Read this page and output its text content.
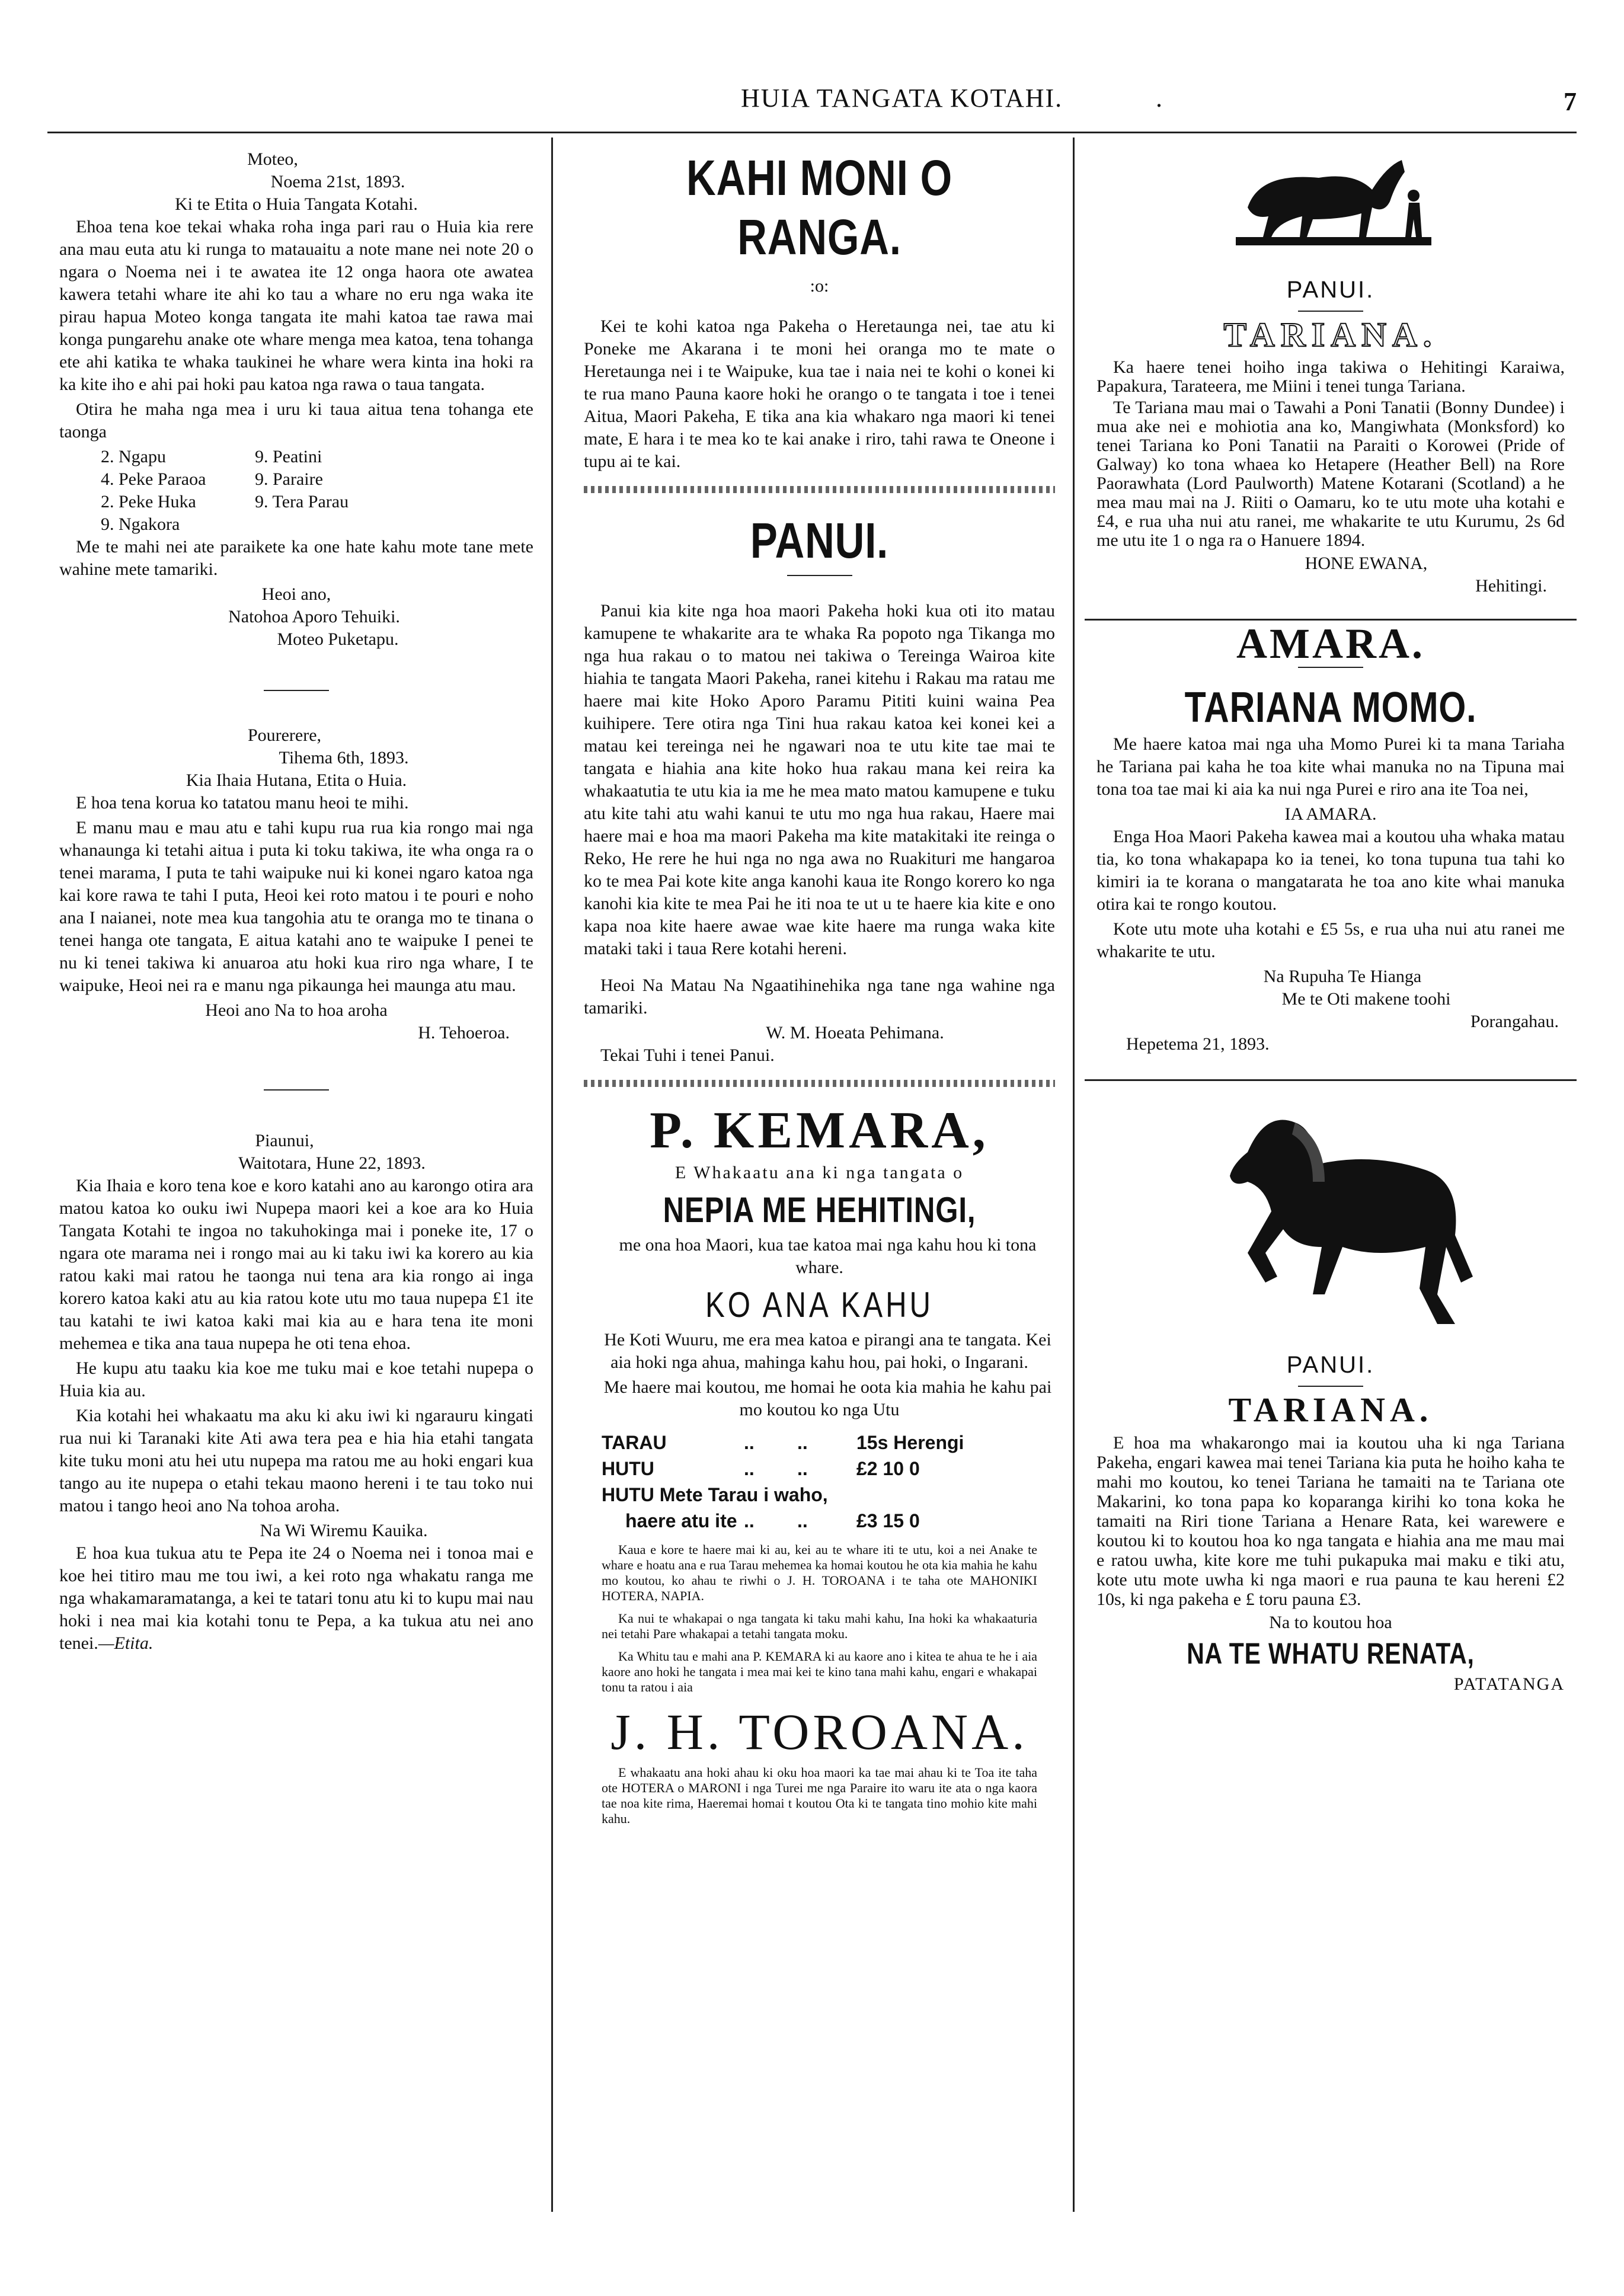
HUIA TANGATA KOTAHI.	.	7
Moteo,
Noema 21st, 1893.
Ki te Etita o Huia Tangata Kotahi.

Ehoa tena koe tekai whaka roha inga pari rau o Huia kia rere ana mau euta atu ki runga to matauaitu a note mane nei note 20 o ngara o Noema nei i te awatea ite 12 onga haora ote awatea kawera tetahi whare ite ahi ko tau a whare no eru nga waka ite pirau hapua Moteo konga tangata ite mahi katoa tae rawa mai konga pungarehu anake ote whare menga mea katoa, tena tohanga ete ahi katika te whaka taukinei he whare wera kinta ina hoki ra ka kite iho e ahi pai hoki pau katoa nga rawa o taua tangata.

Otira he maha nga mea i uru ki taua aitua tena tohanga ete taonga

2. Ngapu	9. Peatini
4. Peke Paraoa	9. Paraire
2. Peke Huka	9. Tera Parau
9. Ngakora

Me te mahi nei ate paraikete ka one hate kahu mote tane mete wahine mete tamariki.

Heoi ano,
Natohoa Aporo Tehuiki.
Moteo Puketapu.
Pourerere,
Tihema 6th, 1893.
Kia Ihaia Hutana, Etita o Huia.

E hoa tena korua ko tatatou manu heoi te mihi.

E manu mau e mau atu e tahi kupu rua rua kia rongo mai nga whanaunga ki tetahi aitua i puta ki toku takiwa, ite wha onga ra o tenei marama, I puta te tahi waipuke nui ki konei ngaro katoa nga kai kore rawa te tahi I puta, Heoi kei roto matou i te pouri e noho ana I naianei, note mea kua tangohia atu te oranga mo te tinana o tenei hanga ote tangata, E aitua katahi ano te waipuke I penei te nu ki tenei takiwa ki anuaroa atu hoki kua riro nga whare, I te waipuke, Heoi nei ra e manu nga pikaunga hei maunga atu mau.

Heoi ano Na to hoa aroha
H. Tehoeroa.
Piaunui,
Waitotara, Hune 22, 1893.

Kia Ihaia e koro tena koe e koro katahi ano au karongo otira ara matou katoa ko ouku iwi Nupepa maori kei a koe ara ko Huia Tangata Kotahi te ingoa no takuhokinga mai i poneke ite, 17 o ngara ote marama nei i rongo mai au ki taku iwi ka korero au kia ratou kaki mai ratou he taonga nui tena ara kia rongo ai inga korero katoa kaki atu au kia ratou kote utu mo taua nupepa £1 ite tau katahi te iwi katoa kaki mai kia au e hara tena ite moni mehemea e tika ana taua nupepa he oti tena ehoa.

He kupu atu taaku kia koe me tuku mai e koe tetahi nupepa o Huia kia au.

Kia kotahi hei whakaatu ma aku ki aku iwi ki ngarauru kingati rua nui ki Taranaki kite Ati awa tera pea e hia hia etahi tangata kite tuku moni atu hei utu nupepa ma ratou me au hoki engari kua tango au ite nupepa o etahi tekau maono hereni i te tau toko nui matou i tango heoi ano Na tohoa aroha.

Na Wi Wiremu Kauika.

E hoa kua tukua atu te Pepa ite 24 o Noema nei i tonoa mai e koe hei titiro mau me tou iwi, a kei roto nga whakatu ranga me nga whakamaramatanga, a kei te tatari tonu atu ki to kupu mai nau hoki i nea mai kia kotahi tonu te Pepa, a ka tukua atu nei ano tenei.—Etita.

KAHI MONI O RANGA.
:o:

Kei te kohi katoa nga Pakeha o Heretaunga nei, tae atu ki Poneke me Akarana i te moni hei oranga mo te mate o Heretaunga nei i te Waipuke, kua tae i naia nei te kohi o konei ki te rua mano Pauna kaore hoki he orango o te tangata i toe i tenei Aitua, Maori Pakeha, E tika ana kia whakaro nga maori ki tenei mate, E hara i te mea ko te kai anake i riro, tahi rawa te Oneone i tupu ai te kai.

PANUI.

Panui kia kite nga hoa maori Pakeha hoki kua oti ito matau kamupene te whakarite ara te whaka Ra popoto nga Tikanga mo nga hua rakau o to matou nei takiwa o Tereinga Wairoa kite hiahia te tangata Maori Pakeha, ranei kitehu i Rakau ma ratau me haere mai kite Hoko Aporo Paramu Pititi kuini waina Pea kuihipere. Tere otira nga Tini hua rakau katoa kei konei kei a matau kei tereinga nei he ngawari noa te utu kite tae mai te tangata e hiahia ana kite hoko hua rakau mana kei reira ka whakaatutia te utu kia ia me he mea mato matou kamupene e tuku atu kite tahi atu wahi kanui te utu mo nga hua rakau, Haere mai haere mai e hoa ma maori Pakeha ma kite matakitaki ite reinga o Reko, He rere he hui nga no nga awa no Ruakituri me hangaroa ko te mea Pai kote kite anga kanohi kaua ite Rongo korero ko nga kanohi kia kite te mea Pai he iti noa te ut u te haere kia kite e ono kapa noa kite haere awae wae kite haere ma runga waka kite mataki taki i taua Rere kotahi hereni.

Heoi Na Matau Na Ngaatihinehika nga tane nga wahine nga tamariki.

W. M. Hoeata Pehimana.

Tekai Tuhi i tenei Panui.

P. KEMARA,

E Whakaatu ana ki nga tangata o

NEPIA ME HEHITINGI,

me ona hoa Maori, kua tae katoa mai nga kahu hou ki tona whare.

KO ANA KAHU

He Koti Wuuru, me era mea katoa e pirangi ana te tangata. Kei aia hoki nga ahua, mahinga kahu hou, pai hoki, o Ingarani.

Me haere mai koutou, me homai he oota kia mahia he kahu pai mo koutou ko nga Utu

TARAU	..	..	15s Herengi
HUTU	..	..	£2 10 0
HUTU Mete Tarau i waho,
haere atu ite ..	..	£3 15 0

Kaua e kore te haere mai ki au, kei au te whare iti te utu, koi a nei Anake te whare e hoatu ana e rua Tarau mehemea ka homai koutou he ota kia mahia he kahu mo koutou, ko ahau te riwhi o J. H. TOROANA i te taha ote MAHONIKI HOTERA, NAPIA.

Ka nui te whakapai o nga tangata ki taku mahi kahu, Ina hoki ka whakaaturia nei tetahi Pare whakapai a tetahi tangata moku.

Ka Whitu tau e mahi ana P. KEMARA ki au kaore ano i kitea te ahua te he i aia kaore ano hoki he tangata i mea mai kei te kino tana mahi kahu, engari e whakapai tonu ta ratou i aia

J. H. TOROANA.

E whakaatu ana hoki ahau ki oku hoa maori ka tae mai ahau ki te Toa ite taha ote HOTERA o MARONI i nga Turei me nga Paraire ito waru ite ata o nga kaora tae noa kite rima, Haeremai homai t koutou Ota ki te tangata tino mohio kite mahi kahu.

PANUI.
TARIANA.

Ka haere tenei hoiho inga takiwa o Hehitingi Karaiwa, Papakura, Tarateera, me Miini i tenei tunga Tariana.

Te Tariana mau mai o Tawahi a Poni Tanatii (Bonny Dundee) i mua ake nei e mohiotia ana ko, Mangiwhata (Monksford) ko tenei Tariana ko Poni Tanatii na Paraiti o Korowei (Pride of Galway) ko tona whaea ko Hetapere (Heather Bell) na Rore Paorawhata (Lord Paulworth) Matene Kotarani (Scotland) a he mea mau mai na J. Riiti o Oamaru, ko te utu mote uha kotahi e £4, e rua uha nui atu ranei, me whakarite te utu Kurumu, 2s 6d me utu ite 1 o nga ra o Hanuere 1894.

HONE EWANA,
Hehitingi.
AMARA.
TARIANA MOMO.

Me haere katoa mai nga uha Momo Purei ki ta mana Tariaha he Tariana pai kaha he toa kite whai manuka no na Tipuna mai tona toa tae mai ki aia ka nui nga Purei e riro ana ite Toa nei,

IA AMARA.

Enga Hoa Maori Pakeha kawea mai a koutou uha whaka matau tia, ko tona whakapapa ko ia tenei, ko tona tupuna tua tahi ko kimiri ia te korana o mangatarata he toa ano kite whai manuka otira kai te rongo koutou.

Kote utu mote uha kotahi e £5 5s, e rua uha nui atu ranei me whakarite te utu.

Na Rupuha Te Hianga
Me te Oti makene toohi
Porangahau.
Hepetema 21, 1893.
PANUI.
TARIANA.

E hoa ma whakarongo mai ia koutou uha ki nga Tariana Pakeha, engari kawea mai tenei Tariana kia puta he hoiho kaha te mahi mo koutou, ko tenei Tariana he tamaiti na te Tariana ote Makarini, ko tona papa ko koparanga kirihi ko tona koka he tamaiti na Riri tione Tariana a Henare Rata, kei warewere e koutou ki to koutou hoa ko nga tangata e hiahia ana me mau mai e ratou uwha, kite kore me tuhi pukapuka mai maku e tiki atu, kote utu mote uwha ki nga maori e rua pauna te kau hereni £2 10s, ki nga pakeha e £ toru pauna £3.

Na to koutou hoa
NA TE WHATU RENATA,
PATATANGA
